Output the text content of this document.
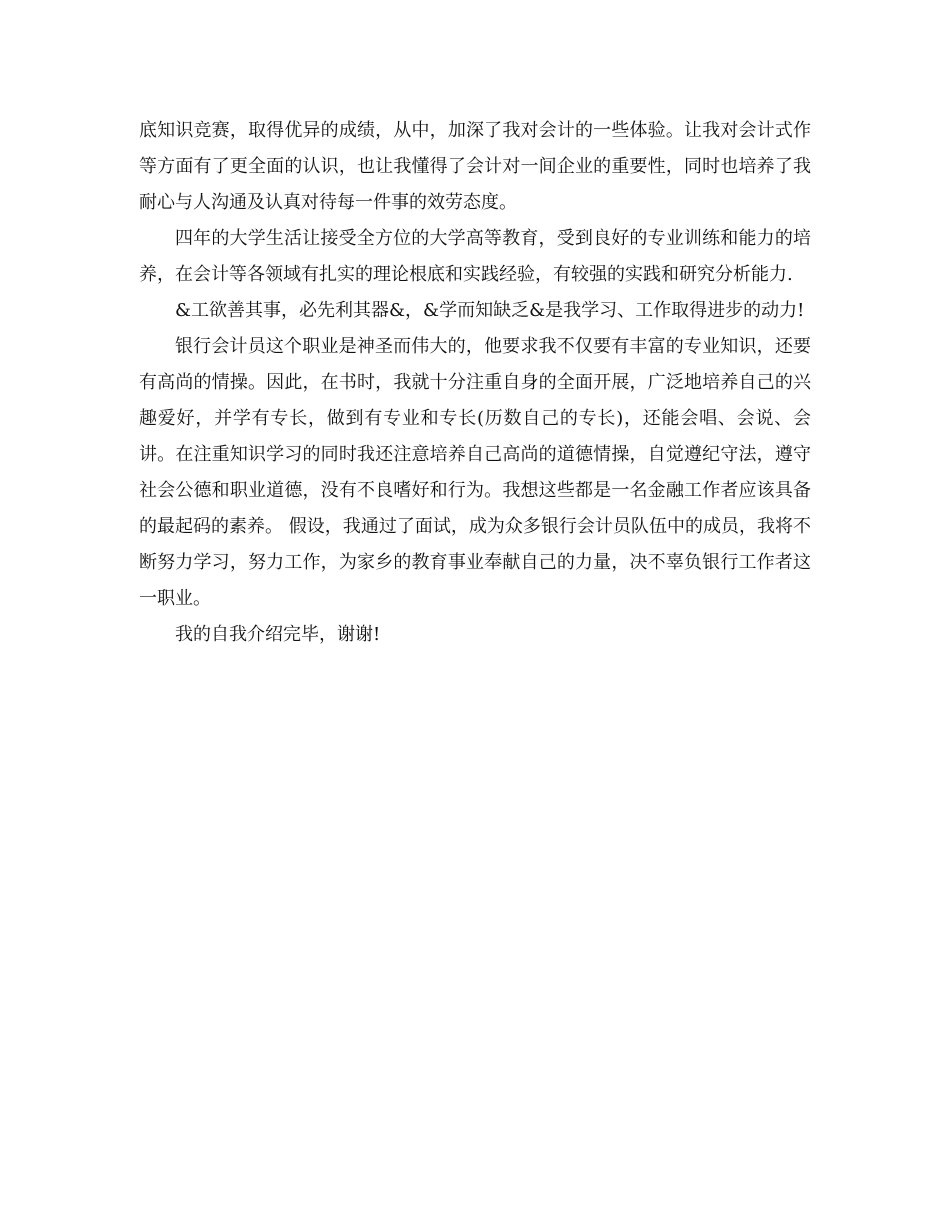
底知识竞赛，取得优异的成绩，从中，加深了我对会计的一些体验。让我对会计式作等方面有了更全面的认识，也让我懂得了会计对一间企业的重要性，同时也培养了我耐心与人沟通及认真对待每一件事的效劳态度。

四年的大学生活让接受全方位的大学高等教育，受到良好的专业训练和能力的培养，在会计等各领域有扎实的理论根底和实践经验，有较强的实践和研究分析能力.

&工欲善其事，必先利其器&，&学而知缺乏&是我学习、工作取得进步的动力!

银行会计员这个职业是神圣而伟大的，他要求我不仅要有丰富的专业知识，还要有高尚的情操。因此，在书时，我就十分注重自身的全面开展，广泛地培养自己的兴趣爱好，并学有专长，做到有专业和专长(历数自己的专长)，还能会唱、会说、会讲。在注重知识学习的同时我还注意培养自己高尚的道德情操，自觉遵纪守法，遵守社会公德和职业道德，没有不良嗜好和行为。我想这些都是一名金融工作者应该具备的最起码的素养。 假设，我通过了面试，成为众多银行会计员队伍中的成员，我将不断努力学习，努力工作，为家乡的教育事业奉献自己的力量，决不辜负银行工作者这一职业。

我的自我介绍完毕，谢谢!
